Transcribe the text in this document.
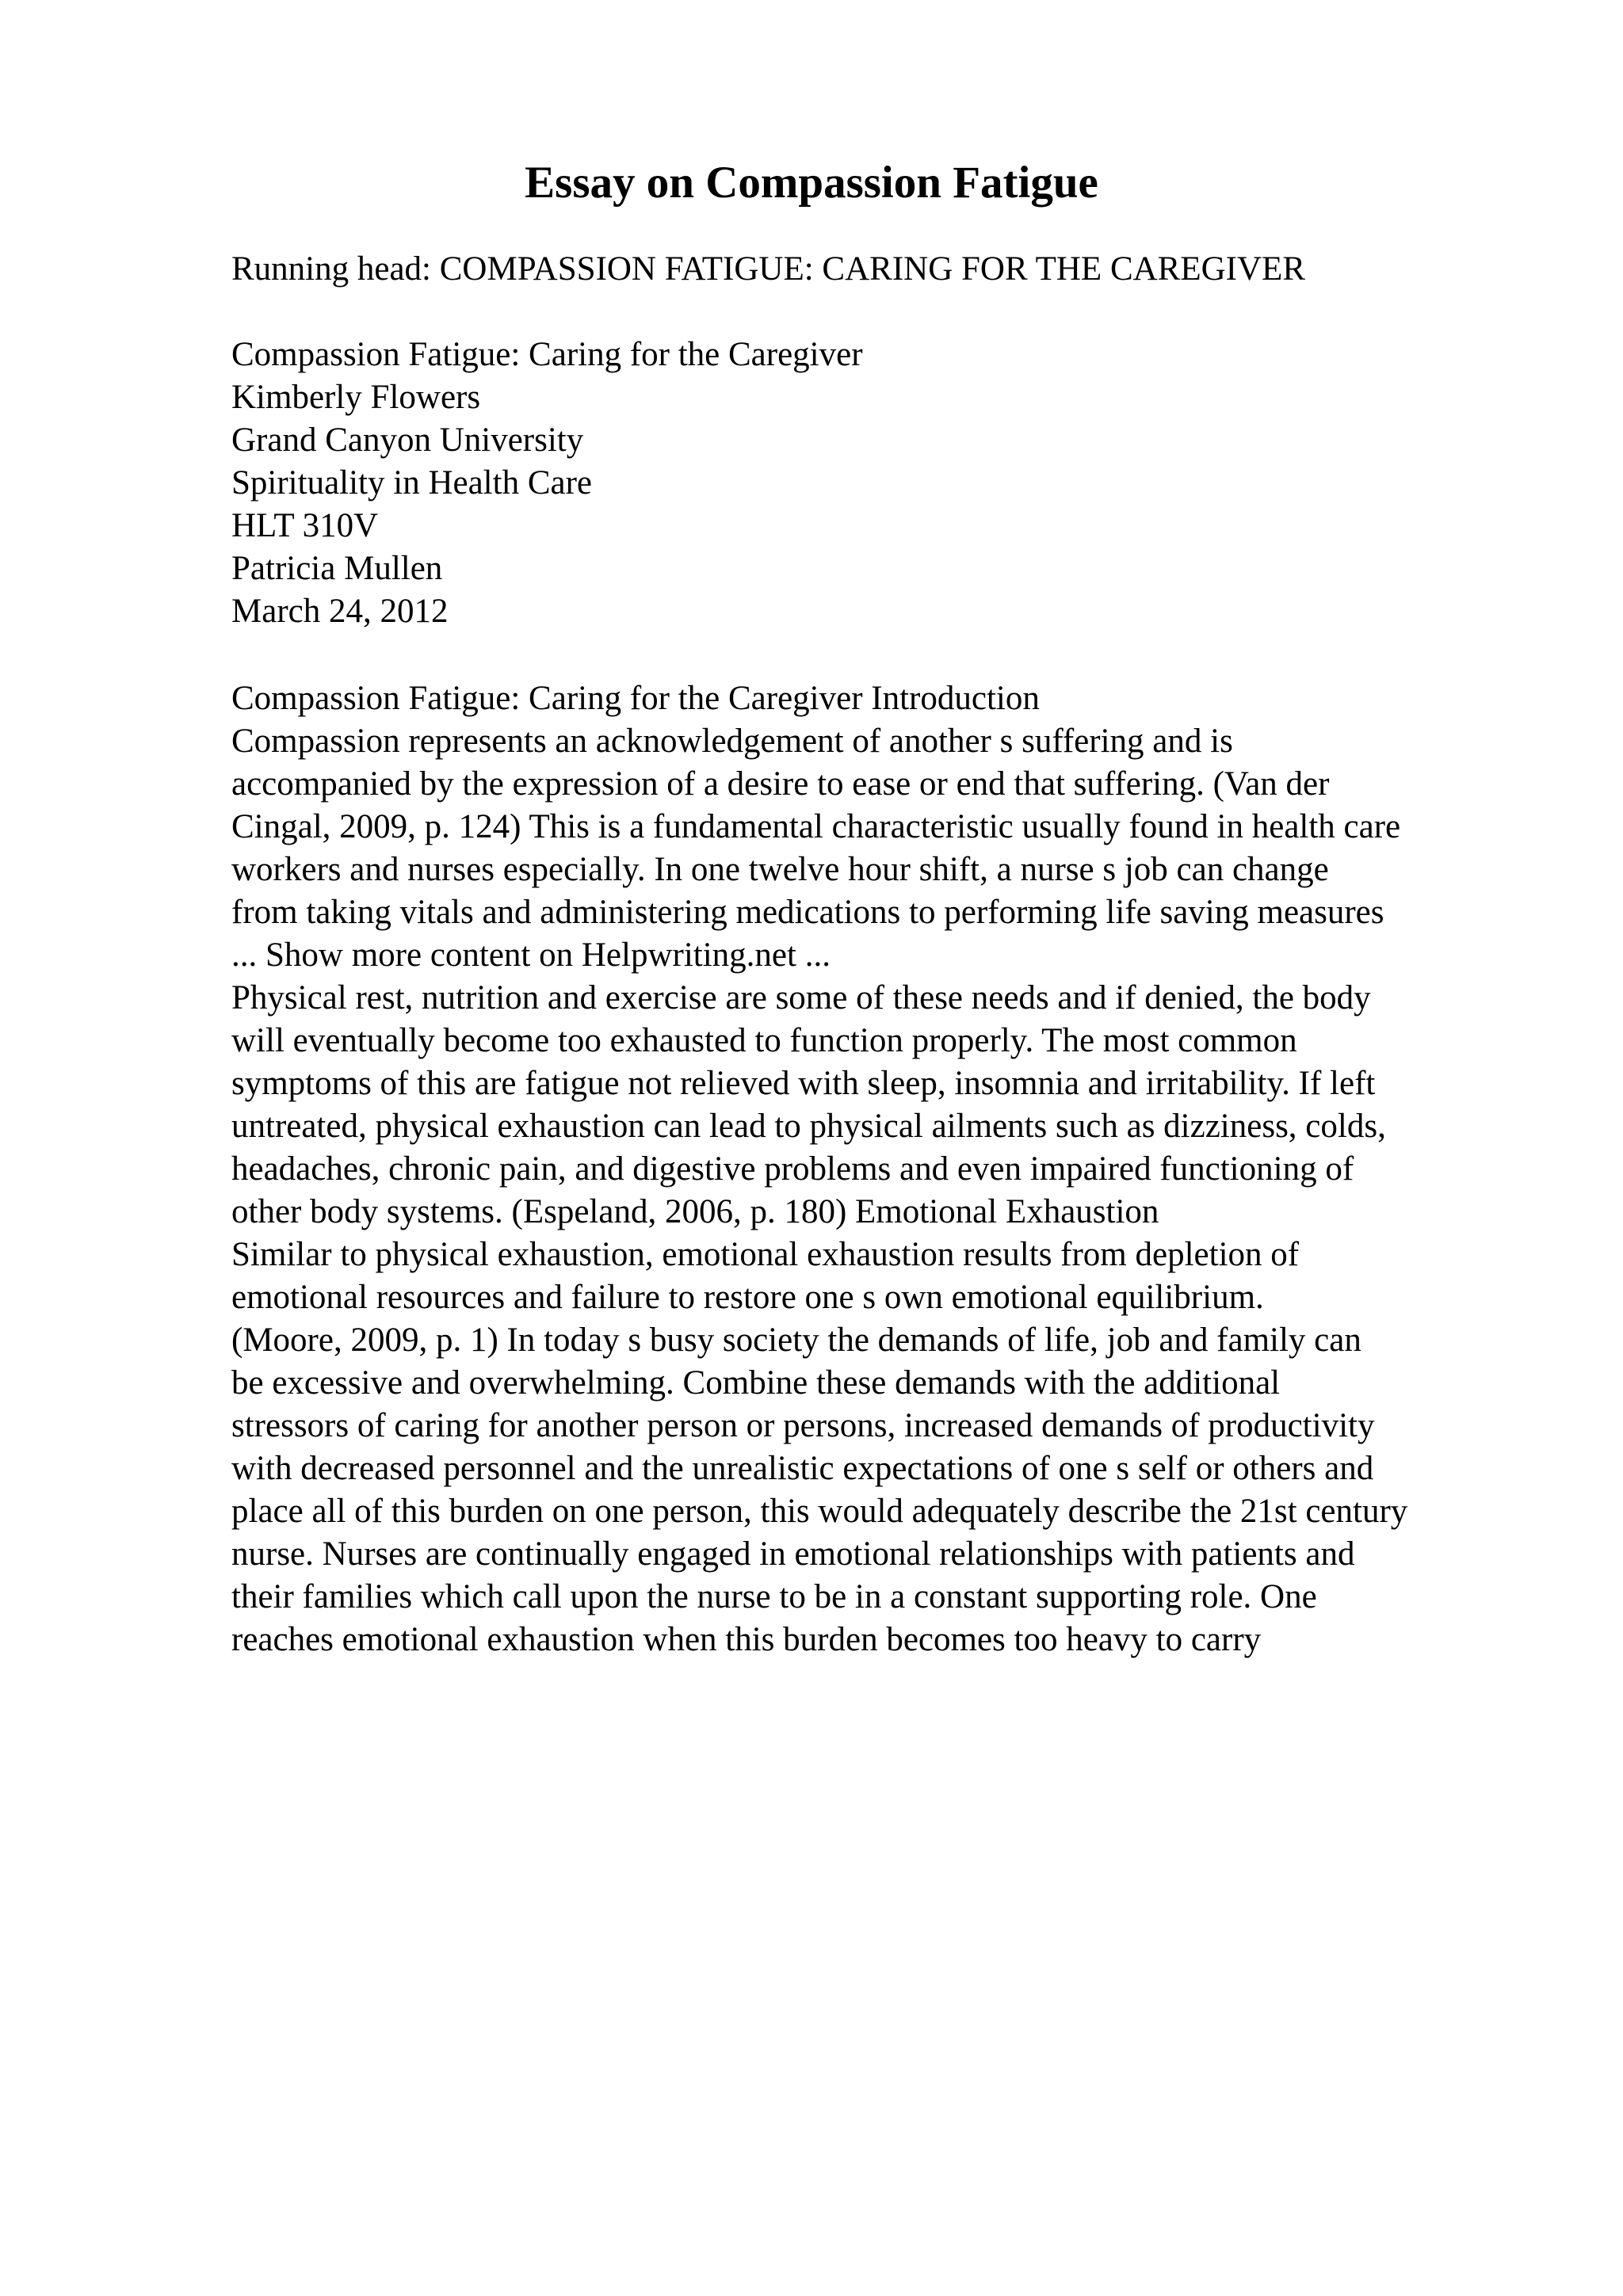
Essay on Compassion Fatigue

Running head: COMPASSION FATIGUE: CARING FOR THE CAREGIVER

Compassion Fatigue: Caring for the Caregiver

Kimberly Flowers

Grand Canyon University

Spirituality in Health Care

HLT 310V

Patricia Mullen

March 24, 2012

Compassion Fatigue: Caring for the Caregiver Introduction

Compassion represents an acknowledgement of another s suffering and is

accompanied by the expression of a desire to ease or end that suffering. (Van der

Cingal, 2009, p. 124) This is a fundamental characteristic usually found in health care

workers and nurses especially. In one twelve hour shift, a nurse s job can change

from taking vitals and administering medications to performing life saving measures

... Show more content on Helpwriting.net ...

Physical rest, nutrition and exercise are some of these needs and if denied, the body

will eventually become too exhausted to function properly. The most common

symptoms of this are fatigue not relieved with sleep, insomnia and irritability. If left

untreated, physical exhaustion can lead to physical ailments such as dizziness, colds,

headaches, chronic pain, and digestive problems and even impaired functioning of

other body systems. (Espeland, 2006, p. 180) Emotional Exhaustion

Similar to physical exhaustion, emotional exhaustion results from depletion of

emotional resources and failure to restore one s own emotional equilibrium.

(Moore, 2009, p. 1) In today s busy society the demands of life, job and family can

be excessive and overwhelming. Combine these demands with the additional

stressors of caring for another person or persons, increased demands of productivity

with decreased personnel and the unrealistic expectations of one s self or others and

place all of this burden on one person, this would adequately describe the 21st century

nurse. Nurses are continually engaged in emotional relationships with patients and

their families which call upon the nurse to be in a constant supporting role. One

reaches emotional exhaustion when this burden becomes too heavy to carry
